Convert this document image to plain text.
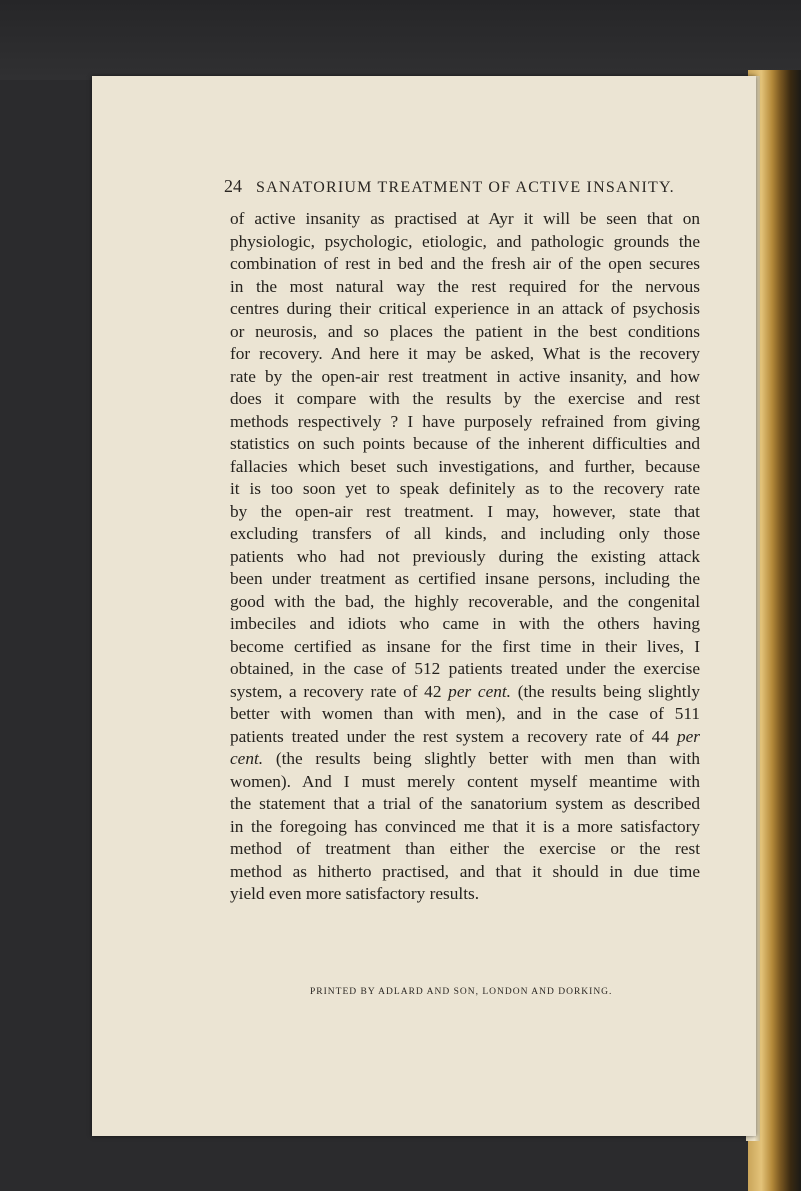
24 SANATORIUM TREATMENT OF ACTIVE INSANITY.
of active insanity as practised at Ayr it will be seen that on
physiologic, psychologic, etiologic, and pathologic grounds the
combination of rest in bed and the fresh air of the open secures
in the most natural way the rest required for the nervous
centres during their critical experience in an attack of psychosis
or neurosis, and so places the patient in the best conditions
for recovery. And here it may be asked, What is the recovery
rate by the open-air rest treatment in active insanity, and how
does it compare with the results by the exercise and rest
methods respectively ? I have purposely refrained from giving
statistics on such points because of the inherent difficulties and
fallacies which beset such investigations, and further, because
it is too soon yet to speak definitely as to the recovery rate
by the open-air rest treatment. I may, however, state that
excluding transfers of all kinds, and including only those
patients who had not previously during the existing attack
been under treatment as certified insane persons, including the
good with the bad, the highly recoverable, and the congenital
imbeciles and idiots who came in with the others having
become certified as insane for the first time in their lives, I
obtained, in the case of 512 patients treated under the exercise
system, a recovery rate of 42 per cent. (the results being slightly
better with women than with men), and in the case of 511
patients treated under the rest system a recovery rate of 44 per
cent. (the results being slightly better with men than with
women). And I must merely content myself meantime with
the statement that a trial of the sanatorium system as described
in the foregoing has convinced me that it is a more satisfactory
method of treatment than either the exercise or the rest
method as hitherto practised, and that it should in due time
yield even more satisfactory results.
PRINTED BY ADLARD AND SON, LONDON AND DORKING.
